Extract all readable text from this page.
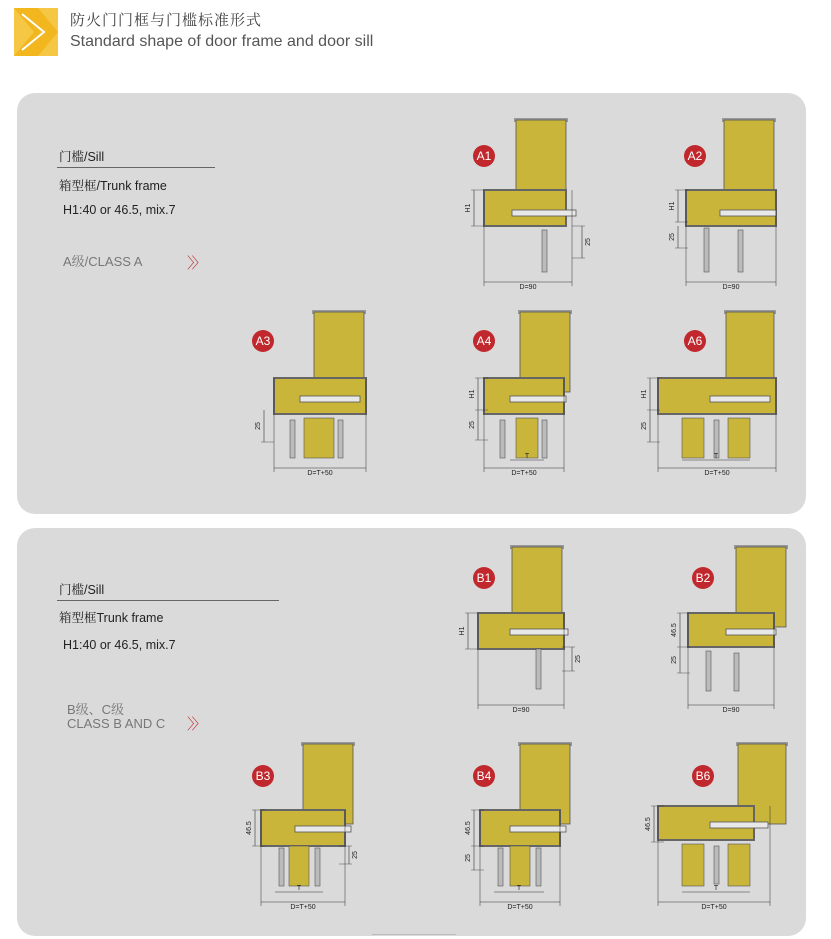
防火门门框与门槛标准形式
Standard shape of door frame and door sill
门槛/Sill
箱型框/Trunk frame
H1:40 or 46.5, mix.7
A级/CLASS A	〉〉
门槛/Sill
箱型框Trunk frame
H1:40 or 46.5, mix.7
B级、C级
CLASS B AND C 〉〉
D=90
H1
25
D=90
H1
25
D=T+50
25
D=T+50
T
H1
25
D=T+50
T
H1
25
D=90
H1
25
D=90
46.5
25
D=T+50
T
46.5
25
D=T+50
T
46.5
25
D=T+50
T
46.5
A1	A2
A3	A4	A6
B1	B2
B3	B4	B6
